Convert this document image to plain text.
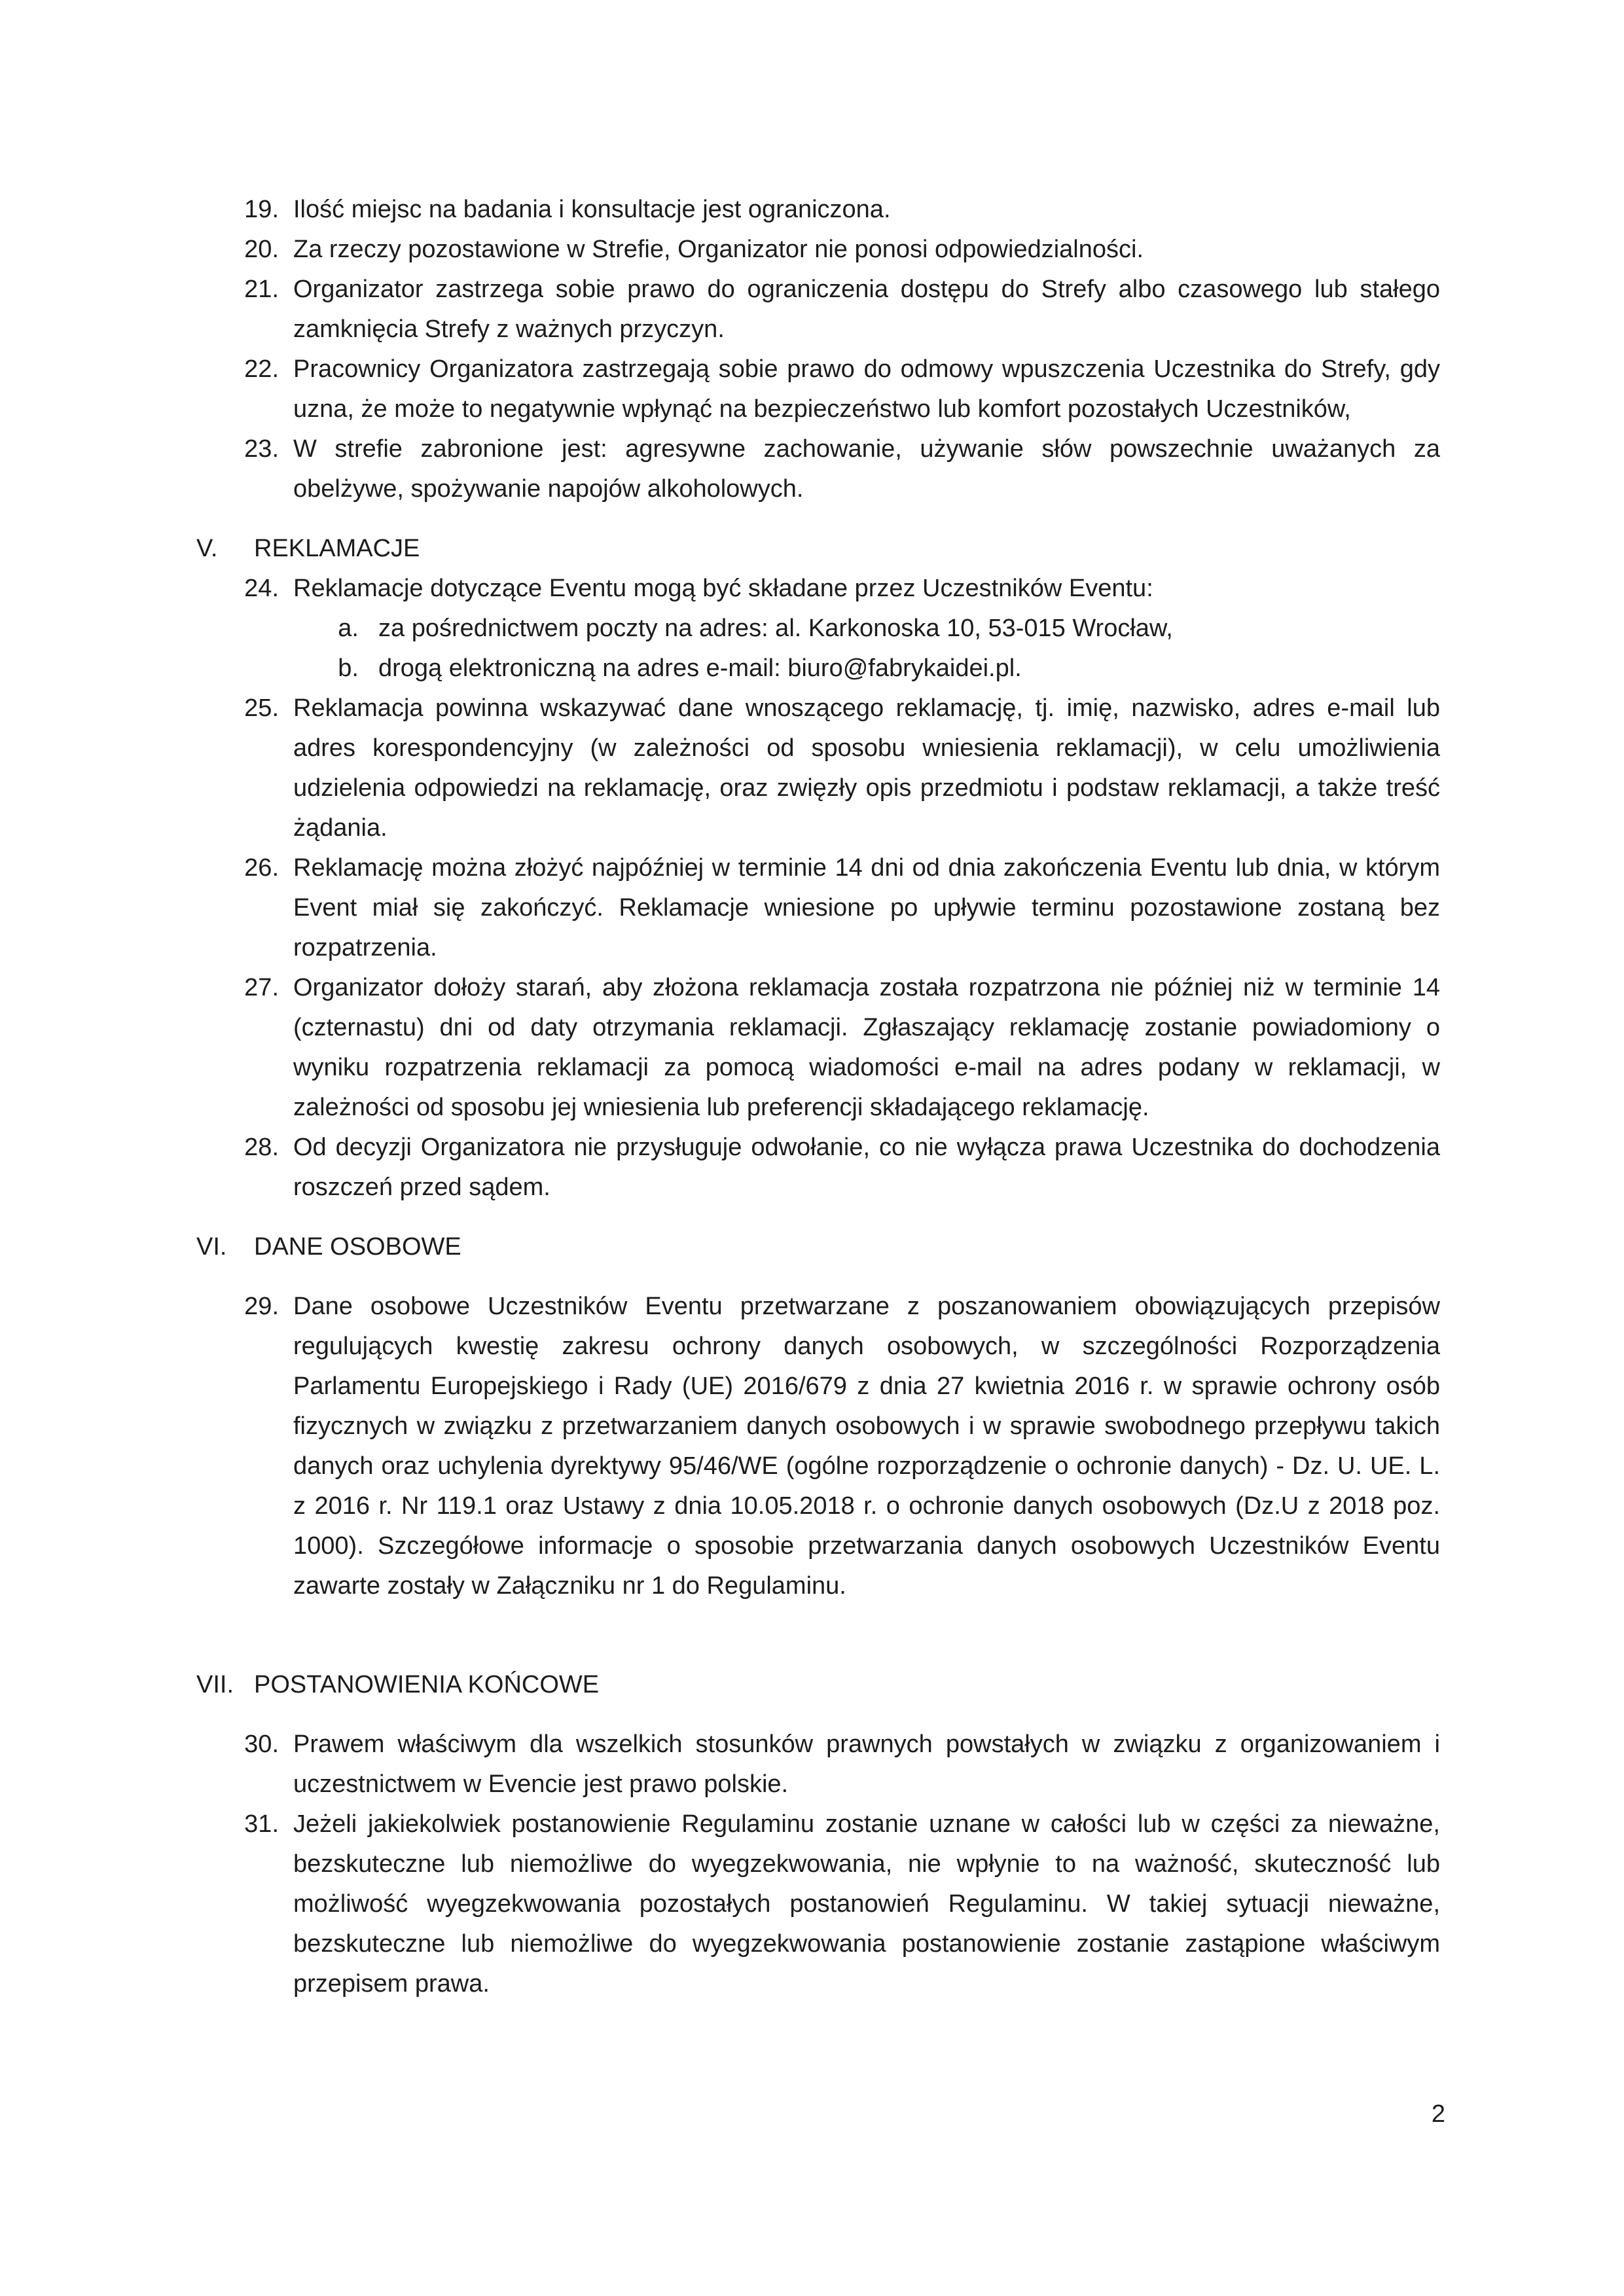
19. Ilość miejsc na badania i konsultacje jest ograniczona.
20. Za rzeczy pozostawione w Strefie, Organizator nie ponosi odpowiedzialności.
21. Organizator zastrzega sobie prawo do ograniczenia dostępu do Strefy albo czasowego lub stałego zamknięcia Strefy z ważnych przyczyn.
22. Pracownicy Organizatora zastrzegają sobie prawo do odmowy wpuszczenia Uczestnika do Strefy, gdy uzna, że może to negatywnie wpłynąć na bezpieczeństwo lub komfort pozostałych Uczestników,
23. W strefie zabronione jest: agresywne zachowanie, używanie słów powszechnie uważanych za obelżywe, spożywanie napojów alkoholowych.
V.	REKLAMACJE
24. Reklamacje dotyczące Eventu mogą być składane przez Uczestników Eventu:
a. za pośrednictwem poczty na adres: al. Karkonoska 10, 53-015 Wrocław,
b. drogą elektroniczną na adres e-mail: biuro@fabrykaidei.pl.
25. Reklamacja powinna wskazywać dane wnoszącego reklamację, tj. imię, nazwisko, adres e-mail lub adres korespondencyjny (w zależności od sposobu wniesienia reklamacji), w celu umożliwienia udzielenia odpowiedzi na reklamację, oraz zwięzły opis przedmiotu i podstaw reklamacji, a także treść żądania.
26. Reklamację można złożyć najpóźniej w terminie 14 dni od dnia zakończenia Eventu lub dnia, w którym Event miał się zakończyć. Reklamacje wniesione po upływie terminu pozostawione zostaną bez rozpatrzenia.
27. Organizator dołoży starań, aby złożona reklamacja została rozpatrzona nie później niż w terminie 14 (czternastu) dni od daty otrzymania reklamacji. Zgłaszający reklamację zostanie powiadomiony o wyniku rozpatrzenia reklamacji za pomocą wiadomości e-mail na adres podany w reklamacji, w zależności od sposobu jej wniesienia lub preferencji składającego reklamację.
28. Od decyzji Organizatora nie przysługuje odwołanie, co nie wyłącza prawa Uczestnika do dochodzenia roszczeń przed sądem.
VI.	DANE OSOBOWE
29. Dane osobowe Uczestników Eventu przetwarzane z poszanowaniem obowiązujących przepisów regulujących kwestię zakresu ochrony danych osobowych, w szczególności Rozporządzenia Parlamentu Europejskiego i Rady (UE) 2016/679 z dnia 27 kwietnia 2016 r. w sprawie ochrony osób fizycznych w związku z przetwarzaniem danych osobowych i w sprawie swobodnego przepływu takich danych oraz uchylenia dyrektywy 95/46/WE (ogólne rozporządzenie o ochronie danych) - Dz. U. UE. L. z 2016 r. Nr 119.1 oraz Ustawy z dnia 10.05.2018 r. o ochronie danych osobowych (Dz.U z 2018 poz. 1000). Szczegółowe informacje o sposobie przetwarzania danych osobowych Uczestników Eventu zawarte zostały w Załączniku nr 1 do Regulaminu.
VII. POSTANOWIENIA KOŃCOWE
30. Prawem właściwym dla wszelkich stosunków prawnych powstałych w związku z organizowaniem i uczestnictwem w Evencie jest prawo polskie.
31. Jeżeli jakiekolwiek postanowienie Regulaminu zostanie uznane w całości lub w części za nieważne, bezskuteczne lub niemożliwe do wyegzekwowania, nie wpłynie to na ważność, skuteczność lub możliwość wyegzekwowania pozostałych postanowień Regulaminu. W takiej sytuacji nieważne, bezskuteczne lub niemożliwe do wyegzekwowania postanowienie zostanie zastąpione właściwym przepisem prawa.
2
